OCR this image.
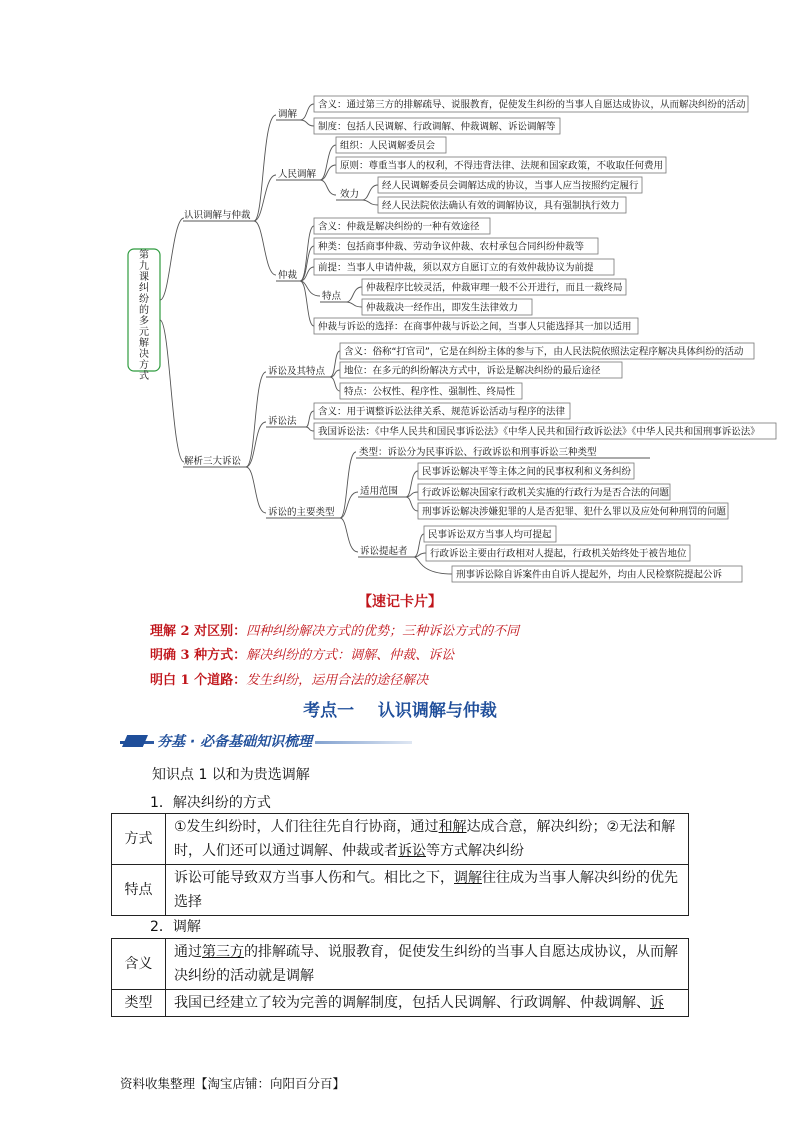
第九课纠纷的多元解决方式
认识调解与仲裁
解析三大诉讼
调解
人民调解
仲裁
含义：通过第三方的排解疏导、说服教育，促使发生纠纷的当事人自愿达成协议，从而解决纠纷的活动
制度：包括人民调解、行政调解、仲裁调解、诉讼调解等
组织：人民调解委员会
原则：尊重当事人的权利，不得违背法律、法规和国家政策，不收取任何费用
效力
经人民调解委员会调解达成的协议，当事人应当按照约定履行
经人民法院依法确认有效的调解协议，具有强制执行效力
含义：仲裁是解决纠纷的一种有效途径
种类：包括商事仲裁、劳动争议仲裁、农村承包合同纠纷仲裁等
前提：当事人申请仲裁，须以双方自愿订立的有效仲裁协议为前提
特点
仲裁程序比较灵活，仲裁审理一般不公开进行，而且一裁终局
仲裁裁决一经作出，即发生法律效力
仲裁与诉讼的选择：在商事仲裁与诉讼之间，当事人只能选择其一加以适用
诉讼及其特点
含义：俗称“打官司”，它是在纠纷主体的参与下，由人民法院依照法定程序解决具体纠纷的活动
地位：在多元的纠纷解决方式中，诉讼是解决纠纷的最后途径
特点：公权性、程序性、强制性、终局性
诉讼法
含义：用于调整诉讼法律关系、规范诉讼活动与程序的法律
我国诉讼法：《中华人民共和国民事诉讼法》《中华人民共和国行政诉讼法》《中华人民共和国刑事诉讼法》
诉讼的主要类型
类型：诉讼分为民事诉讼、行政诉讼和刑事诉讼三种类型
适用范围
民事诉讼解决平等主体之间的民事权利和义务纠纷
行政诉讼解决国家行政机关实施的行政行为是否合法的问题
刑事诉讼解决涉嫌犯罪的人是否犯罪、犯什么罪以及应处何种刑罚的问题
诉讼提起者
民事诉讼双方当事人均可提起
行政诉讼主要由行政相对人提起，行政机关始终处于被告地位
刑事诉讼除自诉案件由自诉人提起外，均由人民检察院提起公诉
【速记卡片】
理解 2 对区别：四种纠纷解决方式的优势；三种诉讼方式的不同
明确 3 种方式：解决纠纷的方式：调解、仲裁、诉讼
明白 1 个道路：发生纠纷，运用合法的途径解决
考点一    认识调解与仲裁
夯基 · 必备基础知识梳理
知识点 1 以和为贵选调解
1．解决纠纷的方式
方式	①发生纠纷时，人们往往先自行协商，通过和解达成合意，解决纠纷；②无法和解时，人们还可以通过调解、仲裁或者诉讼等方式解决纠纷
特点	诉讼可能导致双方当事人伤和气。相比之下，调解往往成为当事人解决纠纷的优先选择
2．调解
含义	通过第三方的排解疏导、说服教育，促使发生纠纷的当事人自愿达成协议，从而解决纠纷的活动就是调解
类型	我国已经建立了较为完善的调解制度，包括人民调解、行政调解、仲裁调解、诉
资料收集整理【淘宝店铺：向阳百分百】
